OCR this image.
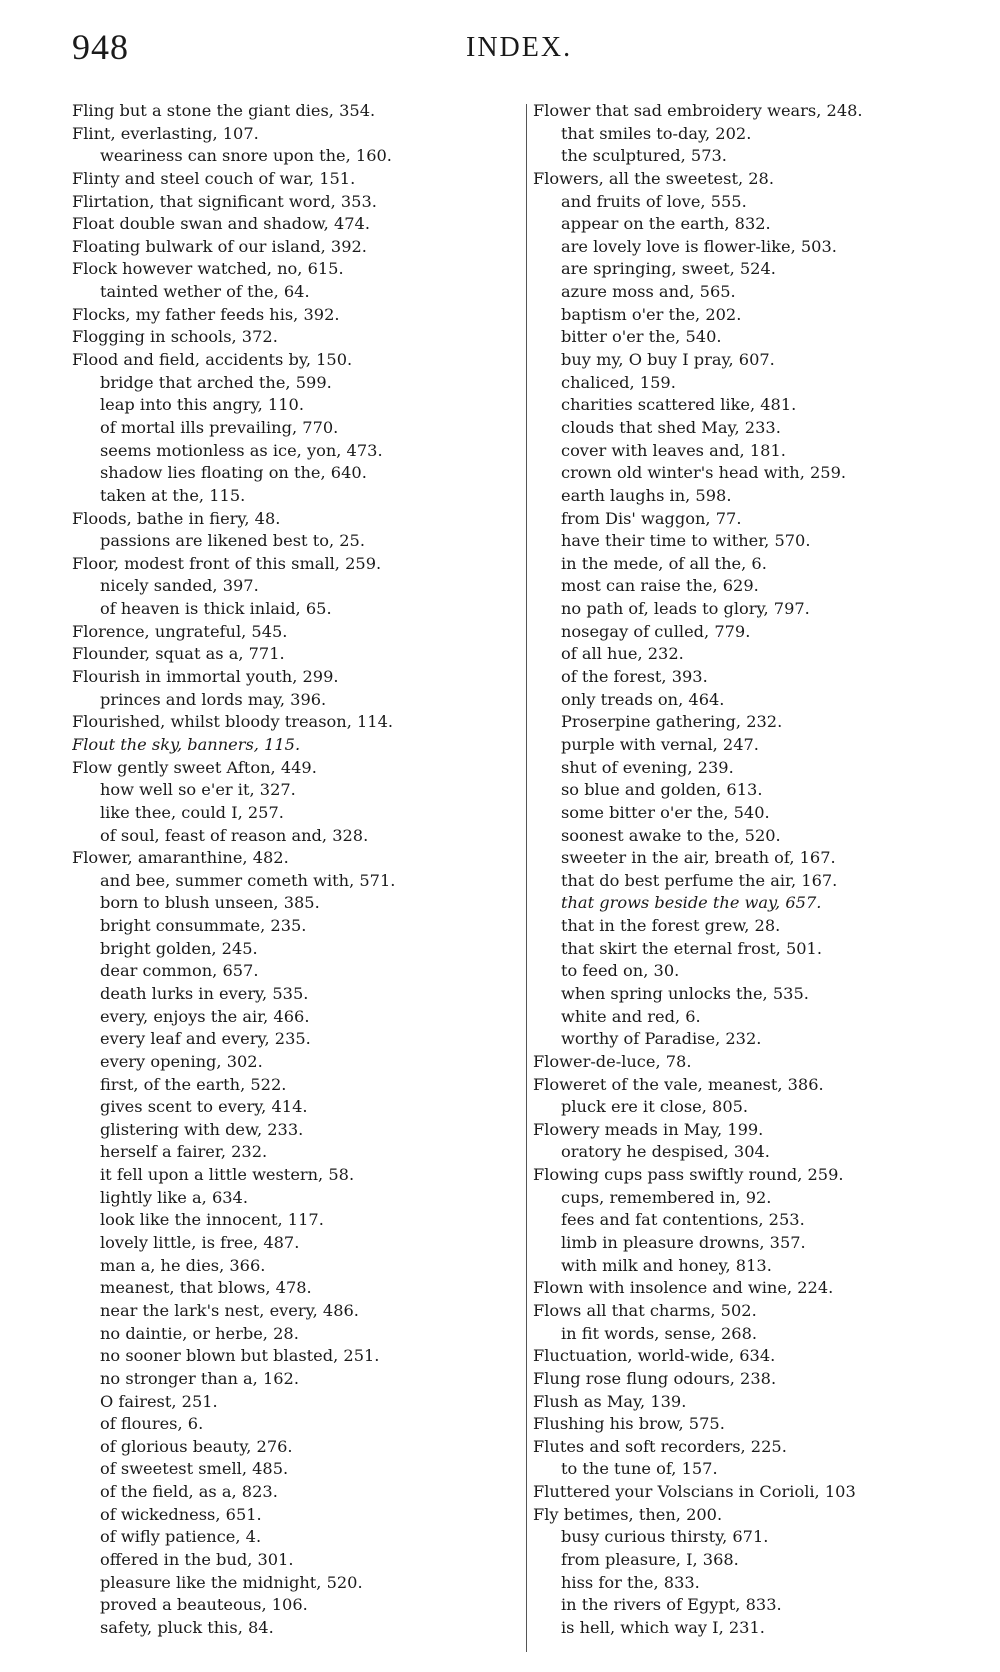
948	INDEX.
Fling but a stone the giant dies, 354.
Flint, everlasting, 107.
weariness can snore upon the, 160.
Flinty and steel couch of war, 151.
Flirtation, that significant word, 353.
Float double swan and shadow, 474.
Floating bulwark of our island, 392.
Flock however watched, no, 615.
tainted wether of the, 64.
Flocks, my father feeds his, 392.
Flogging in schools, 372.
Flood and field, accidents by, 150.
bridge that arched the, 599.
leap into this angry, 110.
of mortal ills prevailing, 770.
seems motionless as ice, yon, 473.
shadow lies floating on the, 640.
taken at the, 115.
Floods, bathe in fiery, 48.
passions are likened best to, 25.
Floor, modest front of this small, 259.
nicely sanded, 397.
of heaven is thick inlaid, 65.
Florence, ungrateful, 545.
Flounder, squat as a, 771.
Flourish in immortal youth, 299.
princes and lords may, 396.
Flourished, whilst bloody treason, 114.
Flout the sky, banners, 115.
Flow gently sweet Afton, 449.
how well so e'er it, 327.
like thee, could I, 257.
of soul, feast of reason and, 328.
Flower, amaranthine, 482.
and bee, summer cometh with, 571.
born to blush unseen, 385.
bright consummate, 235.
bright golden, 245.
dear common, 657.
death lurks in every, 535.
every, enjoys the air, 466.
every leaf and every, 235.
every opening, 302.
first, of the earth, 522.
gives scent to every, 414.
glistering with dew, 233.
herself a fairer, 232.
it fell upon a little western, 58.
lightly like a, 634.
look like the innocent, 117.
lovely little, is free, 487.
man a, he dies, 366.
meanest, that blows, 478.
near the lark's nest, every, 486.
no daintie, or herbe, 28.
no sooner blown but blasted, 251.
no stronger than a, 162.
O fairest, 251.
of floures, 6.
of glorious beauty, 276.
of sweetest smell, 485.
of the field, as a, 823.
of wickedness, 651.
of wifly patience, 4.
offered in the bud, 301.
pleasure like the midnight, 520.
proved a beauteous, 106.
safety, pluck this, 84.
Flower that sad embroidery wears, 248.
that smiles to-day, 202.
the sculptured, 573.
Flowers, all the sweetest, 28.
and fruits of love, 555.
appear on the earth, 832.
are lovely love is flower-like, 503.
are springing, sweet, 524.
azure moss and, 565.
baptism o'er the, 202.
bitter o'er the, 540.
buy my, O buy I pray, 607.
chaliced, 159.
charities scattered like, 481.
clouds that shed May, 233.
cover with leaves and, 181.
crown old winter's head with, 259.
earth laughs in, 598.
from Dis' waggon, 77.
have their time to wither, 570.
in the mede, of all the, 6.
most can raise the, 629.
no path of, leads to glory, 797.
nosegay of culled, 779.
of all hue, 232.
of the forest, 393.
only treads on, 464.
Proserpine gathering, 232.
purple with vernal, 247.
shut of evening, 239.
so blue and golden, 613.
some bitter o'er the, 540.
soonest awake to the, 520.
sweeter in the air, breath of, 167.
that do best perfume the air, 167.
that grows beside the way, 657.
that in the forest grew, 28.
that skirt the eternal frost, 501.
to feed on, 30.
when spring unlocks the, 535.
white and red, 6.
worthy of Paradise, 232.
Flower-de-luce, 78.
Floweret of the vale, meanest, 386.
pluck ere it close, 805.
Flowery meads in May, 199.
oratory he despised, 304.
Flowing cups pass swiftly round, 259.
cups, remembered in, 92.
fees and fat contentions, 253.
limb in pleasure drowns, 357.
with milk and honey, 813.
Flown with insolence and wine, 224.
Flows all that charms, 502.
in fit words, sense, 268.
Fluctuation, world-wide, 634.
Flung rose flung odours, 238.
Flush as May, 139.
Flushing his brow, 575.
Flutes and soft recorders, 225.
to the tune of, 157.
Fluttered your Volscians in Corioli, 103
Fly betimes, then, 200.
busy curious thirsty, 671.
from pleasure, I, 368.
hiss for the, 833.
in the rivers of Egypt, 833.
is hell, which way I, 231.
